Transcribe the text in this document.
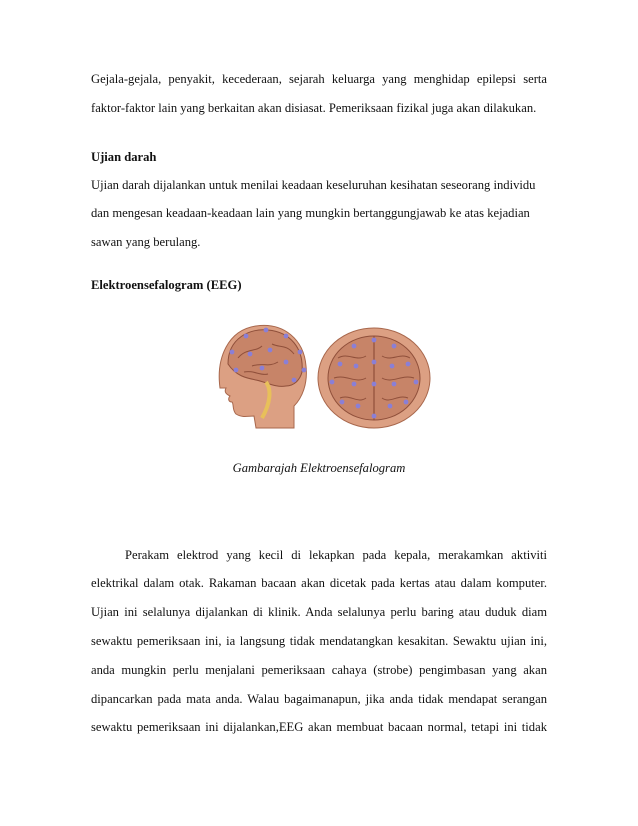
Gejala-gejala, penyakit, kecederaan, sejarah keluarga yang menghidap epilepsi serta
faktor-faktor lain yang berkaitan akan disiasat. Pemeriksaan fizikal juga akan dilakukan.
Ujian darah
Ujian darah dijalankan untuk menilai keadaan keseluruhan kesihatan seseorang individu
dan mengesan keadaan-keadaan lain yang mungkin bertanggungjawab ke atas kejadian
sawan yang berulang.
Elektroensefalogram (EEG)
Gambarajah Elektroensefalogram
Perakam elektrod yang kecil di lekapkan pada kepala, merakamkan aktiviti
elektrikal dalam otak. Rakaman bacaan akan dicetak pada kertas atau dalam komputer.
Ujian ini selalunya dijalankan di klinik. Anda selalunya perlu baring atau duduk diam
sewaktu pemeriksaan ini, ia langsung tidak mendatangkan kesakitan. Sewaktu ujian ini,
anda mungkin perlu menjalani pemeriksaan cahaya (strobe) pengimbasan yang akan
dipancarkan pada mata anda. Walau bagaimanapun, jika anda tidak mendapat serangan
sewaktu pemeriksaan ini dijalankan,EEG akan membuat bacaan normal, tetapi ini tidak
